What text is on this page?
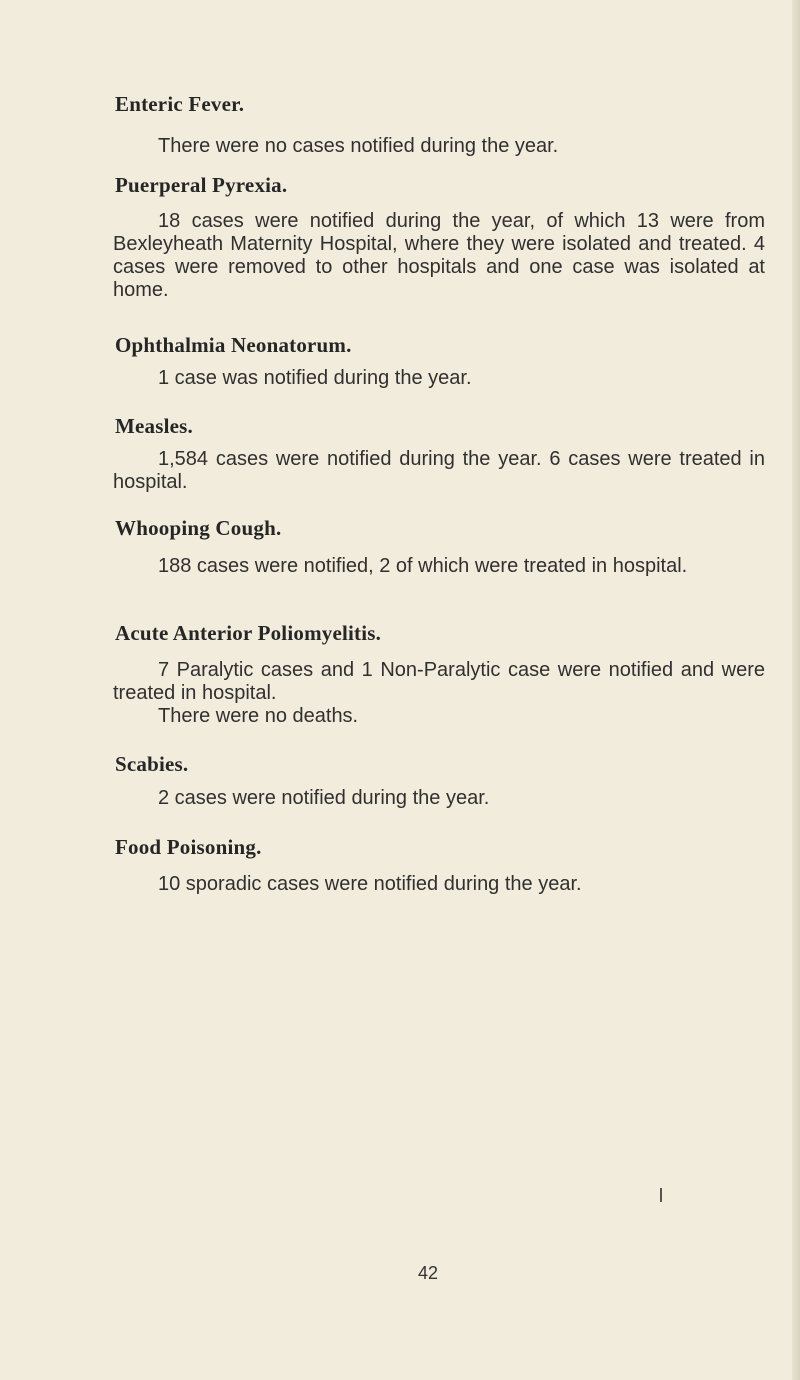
Enteric Fever.

There were no cases notified during the year.

Puerperal Pyrexia.

18 cases were notified during the year, of which 13 were from Bexleyheath Maternity Hospital, where they were isolated and treated. 4 cases were removed to other hospitals and one case was isolated at home.

Ophthalmia Neonatorum.

1 case was notified during the year.

Measles.

1,584 cases were notified during the year. 6 cases were treated in hospital.

Whooping Cough.

188 cases were notified, 2 of which were treated in hospital.

Acute Anterior Poliomyelitis.

7 Paralytic cases and 1 Non-Paralytic case were notified and were treated in hospital.

There were no deaths.

Scabies.

2 cases were notified during the year.

Food Poisoning.

10 sporadic cases were notified during the year.

42
